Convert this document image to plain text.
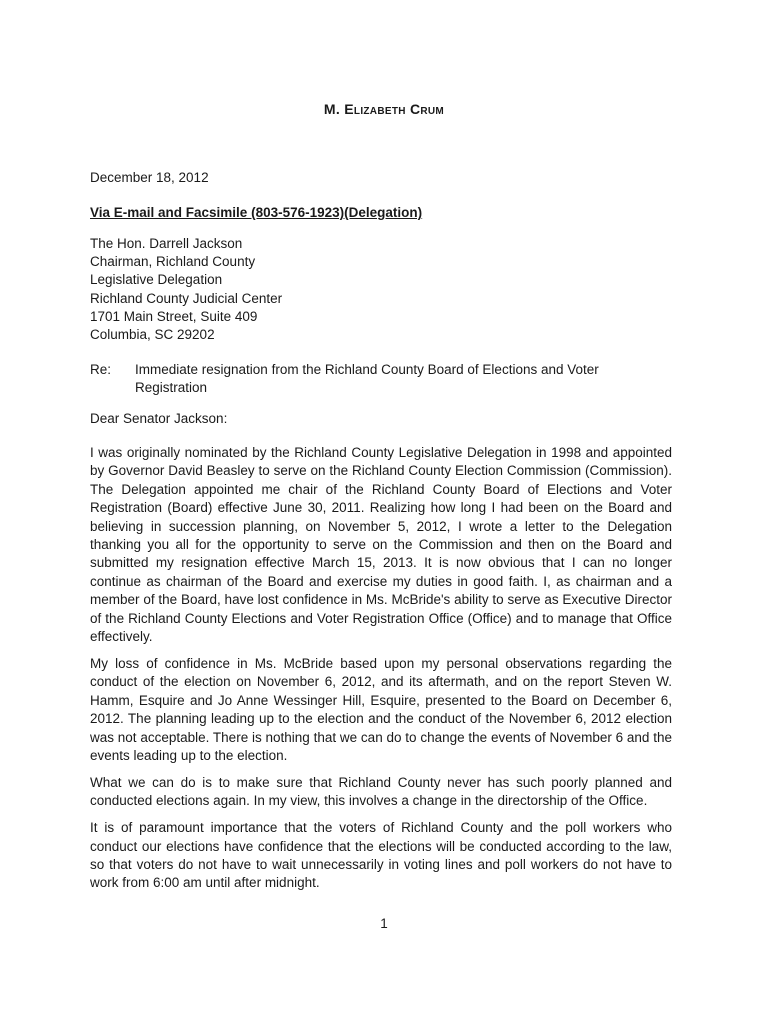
M. Elizabeth Crum
December 18, 2012
Via E-mail and Facsimile (803-576-1923)(Delegation)
The Hon. Darrell Jackson
Chairman, Richland County
Legislative Delegation
Richland County Judicial Center
1701 Main Street, Suite 409
Columbia, SC 29202
Re: Immediate resignation from the Richland County Board of Elections and Voter Registration
Dear Senator Jackson:

I was originally nominated by the Richland County Legislative Delegation in 1998 and appointed by Governor David Beasley to serve on the Richland County Election Commission (Commission). The Delegation appointed me chair of the Richland County Board of Elections and Voter Registration (Board) effective June 30, 2011. Realizing how long I had been on the Board and believing in succession planning, on November 5, 2012, I wrote a letter to the Delegation thanking you all for the opportunity to serve on the Commission and then on the Board and submitted my resignation effective March 15, 2013. It is now obvious that I can no longer continue as chairman of the Board and exercise my duties in good faith. I, as chairman and a member of the Board, have lost confidence in Ms. McBride's ability to serve as Executive Director of the Richland County Elections and Voter Registration Office (Office) and to manage that Office effectively.

My loss of confidence in Ms. McBride based upon my personal observations regarding the conduct of the election on November 6, 2012, and its aftermath, and on the report Steven W. Hamm, Esquire and Jo Anne Wessinger Hill, Esquire, presented to the Board on December 6, 2012. The planning leading up to the election and the conduct of the November 6, 2012 election was not acceptable. There is nothing that we can do to change the events of November 6 and the events leading up to the election.

What we can do is to make sure that Richland County never has such poorly planned and conducted elections again. In my view, this involves a change in the directorship of the Office.

It is of paramount importance that the voters of Richland County and the poll workers who conduct our elections have confidence that the elections will be conducted according to the law, so that voters do not have to wait unnecessarily in voting lines and poll workers do not have to work from 6:00 am until after midnight.

1
